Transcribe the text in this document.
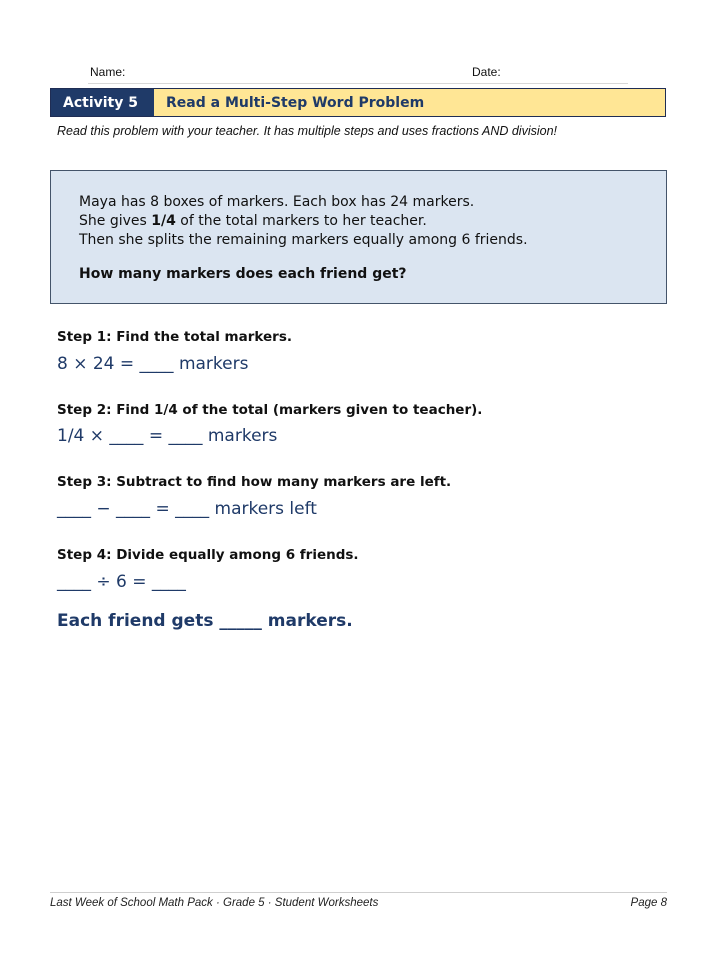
Name:	Date:
Activity 5	Read a Multi-Step Word Problem
Read this problem with your teacher. It has multiple steps and uses fractions AND division!
Maya has 8 boxes of markers. Each box has 24 markers.
She gives 1/4 of the total markers to her teacher.
Then she splits the remaining markers equally among 6 friends.
How many markers does each friend get?
Step 1: Find the total markers.
8 × 24 = ____ markers
Step 2: Find 1/4 of the total (markers given to teacher).
1/4 × ____ = ____ markers
Step 3: Subtract to find how many markers are left.
____ − ____ = ____ markers left
Step 4: Divide equally among 6 friends.
____ ÷ 6 = ____
Each friend gets _____ markers.
Last Week of School Math Pack · Grade 5 · Student Worksheets	Page 8
